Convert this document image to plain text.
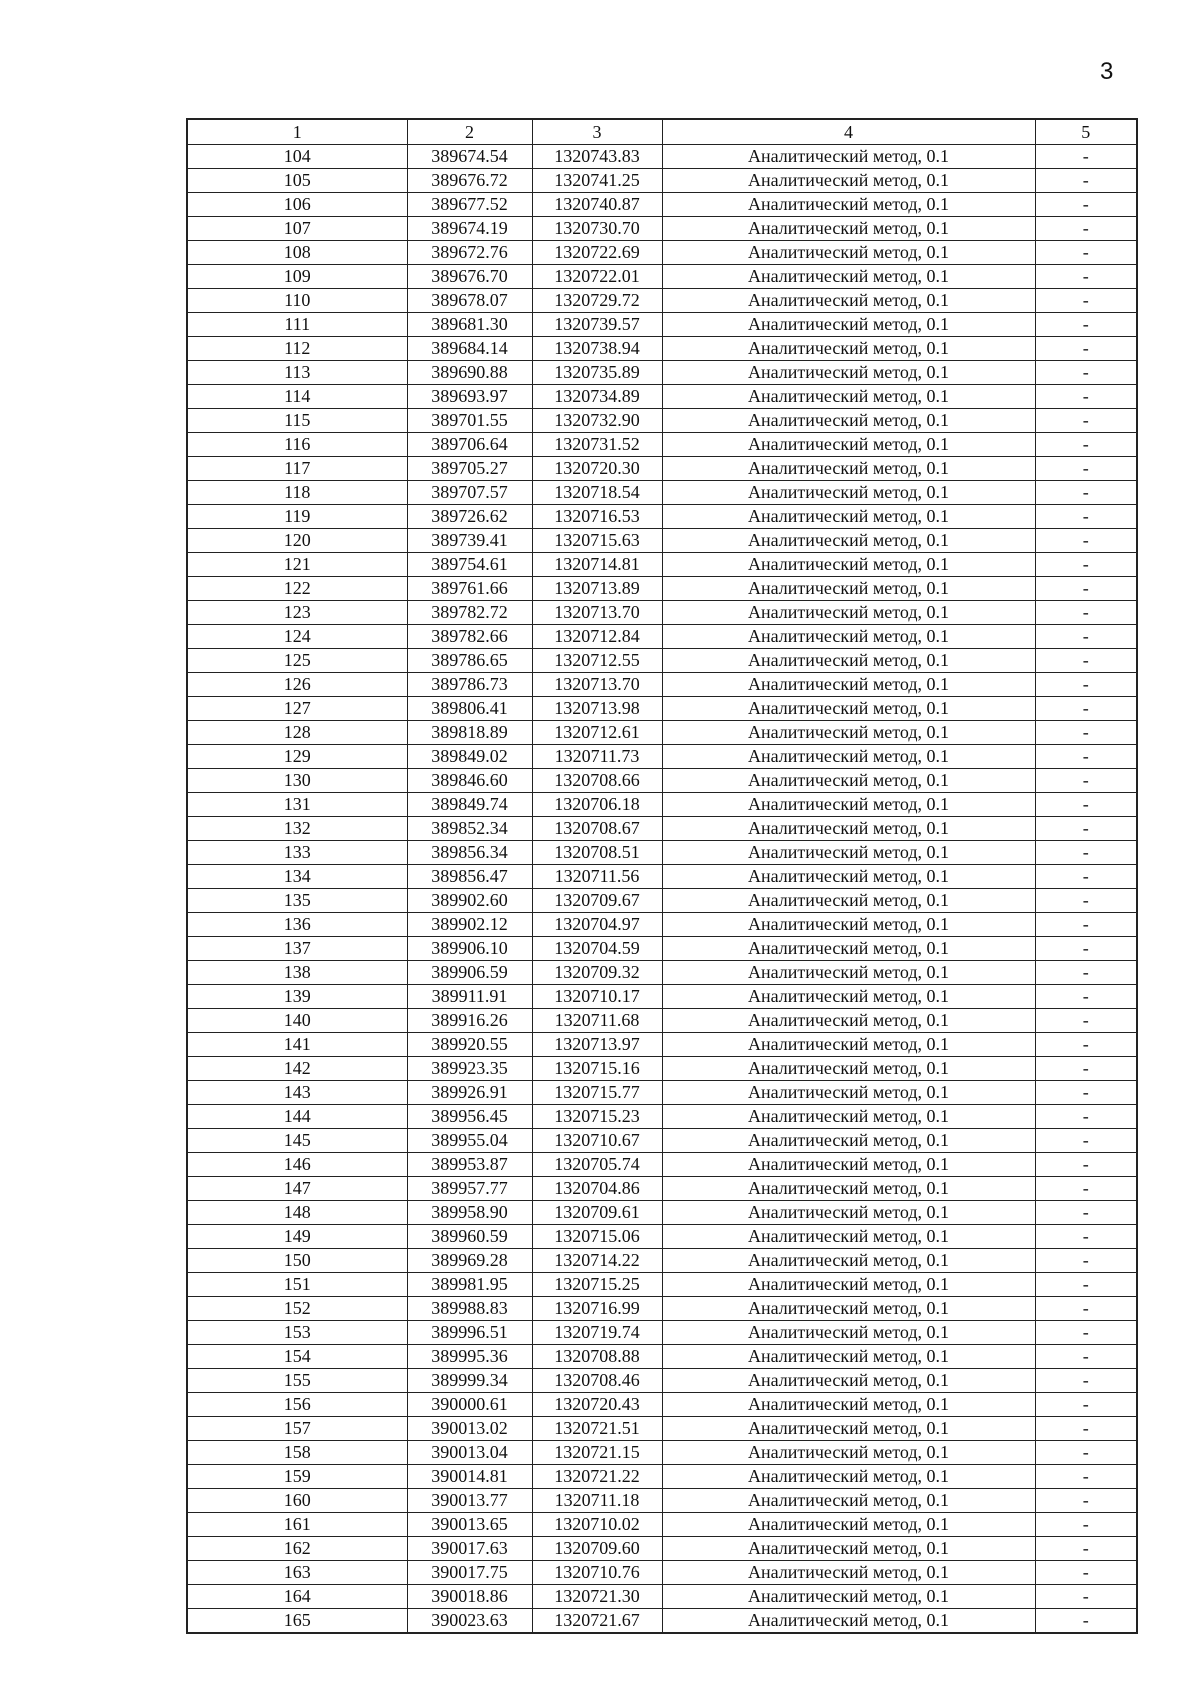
3
1	2	3	4	5
104	389674.54	1320743.83	Аналитический метод, 0.1	-
105	389676.72	1320741.25	Аналитический метод, 0.1	-
106	389677.52	1320740.87	Аналитический метод, 0.1	-
107	389674.19	1320730.70	Аналитический метод, 0.1	-
108	389672.76	1320722.69	Аналитический метод, 0.1	-
109	389676.70	1320722.01	Аналитический метод, 0.1	-
110	389678.07	1320729.72	Аналитический метод, 0.1	-
111	389681.30	1320739.57	Аналитический метод, 0.1	-
112	389684.14	1320738.94	Аналитический метод, 0.1	-
113	389690.88	1320735.89	Аналитический метод, 0.1	-
114	389693.97	1320734.89	Аналитический метод, 0.1	-
115	389701.55	1320732.90	Аналитический метод, 0.1	-
116	389706.64	1320731.52	Аналитический метод, 0.1	-
117	389705.27	1320720.30	Аналитический метод, 0.1	-
118	389707.57	1320718.54	Аналитический метод, 0.1	-
119	389726.62	1320716.53	Аналитический метод, 0.1	-
120	389739.41	1320715.63	Аналитический метод, 0.1	-
121	389754.61	1320714.81	Аналитический метод, 0.1	-
122	389761.66	1320713.89	Аналитический метод, 0.1	-
123	389782.72	1320713.70	Аналитический метод, 0.1	-
124	389782.66	1320712.84	Аналитический метод, 0.1	-
125	389786.65	1320712.55	Аналитический метод, 0.1	-
126	389786.73	1320713.70	Аналитический метод, 0.1	-
127	389806.41	1320713.98	Аналитический метод, 0.1	-
128	389818.89	1320712.61	Аналитический метод, 0.1	-
129	389849.02	1320711.73	Аналитический метод, 0.1	-
130	389846.60	1320708.66	Аналитический метод, 0.1	-
131	389849.74	1320706.18	Аналитический метод, 0.1	-
132	389852.34	1320708.67	Аналитический метод, 0.1	-
133	389856.34	1320708.51	Аналитический метод, 0.1	-
134	389856.47	1320711.56	Аналитический метод, 0.1	-
135	389902.60	1320709.67	Аналитический метод, 0.1	-
136	389902.12	1320704.97	Аналитический метод, 0.1	-
137	389906.10	1320704.59	Аналитический метод, 0.1	-
138	389906.59	1320709.32	Аналитический метод, 0.1	-
139	389911.91	1320710.17	Аналитический метод, 0.1	-
140	389916.26	1320711.68	Аналитический метод, 0.1	-
141	389920.55	1320713.97	Аналитический метод, 0.1	-
142	389923.35	1320715.16	Аналитический метод, 0.1	-
143	389926.91	1320715.77	Аналитический метод, 0.1	-
144	389956.45	1320715.23	Аналитический метод, 0.1	-
145	389955.04	1320710.67	Аналитический метод, 0.1	-
146	389953.87	1320705.74	Аналитический метод, 0.1	-
147	389957.77	1320704.86	Аналитический метод, 0.1	-
148	389958.90	1320709.61	Аналитический метод, 0.1	-
149	389960.59	1320715.06	Аналитический метод, 0.1	-
150	389969.28	1320714.22	Аналитический метод, 0.1	-
151	389981.95	1320715.25	Аналитический метод, 0.1	-
152	389988.83	1320716.99	Аналитический метод, 0.1	-
153	389996.51	1320719.74	Аналитический метод, 0.1	-
154	389995.36	1320708.88	Аналитический метод, 0.1	-
155	389999.34	1320708.46	Аналитический метод, 0.1	-
156	390000.61	1320720.43	Аналитический метод, 0.1	-
157	390013.02	1320721.51	Аналитический метод, 0.1	-
158	390013.04	1320721.15	Аналитический метод, 0.1	-
159	390014.81	1320721.22	Аналитический метод, 0.1	-
160	390013.77	1320711.18	Аналитический метод, 0.1	-
161	390013.65	1320710.02	Аналитический метод, 0.1	-
162	390017.63	1320709.60	Аналитический метод, 0.1	-
163	390017.75	1320710.76	Аналитический метод, 0.1	-
164	390018.86	1320721.30	Аналитический метод, 0.1	-
165	390023.63	1320721.67	Аналитический метод, 0.1	-
